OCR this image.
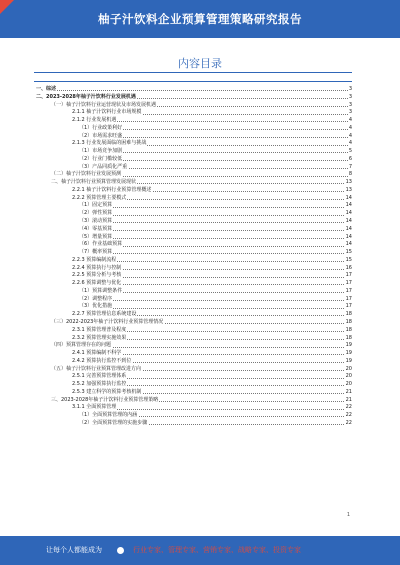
柚子汁饮料企业预算管理策略研究报告
内容目录
一、综述	3
二、2023-2028年柚子汁饮料行业发展机遇	3
（一）柚子汁饮料行业运营现状及市场发展机遇	3
2.1.1 柚子汁饮料行业市场规模	3
2.1.2 行业发展机遇	4
（1）行业政策利好	4
（2）市场需求旺盛	4
2.1.3 行业发展面临的困难与挑战	4
（1）市场竞争加剧	5
（2）行业门槛较低	6
（3）产品同质化严重	7
（二）柚子汁饮料行业发展预测	8
二、柚子汁饮料行业预算管理发展现状	13
2.2.1 柚子汁饮料行业预算管理概述	13
2.2.2 预算管理主要模式	14
（1）固定预算	14
（2）弹性预算	14
（3）滚动预算	14
（4）零基预算	14
（5）增量预算	14
（6）作业基础预算	14
（7）概率预算	15
2.2.3 预算编制流程	15
2.2.4 预算执行与控制	16
2.2.5 预算分析与考核	17
2.2.6 预算调整与优化	17
（1）预算调整条件	17
（2）调整程序	17
（3）优化措施	17
2.2.7 预算管理信息系统建设	18
（三）2022-2023年柚子汁饮料行业预算管理情况	18
2.3.1 预算管理普及程度	18
2.3.2 预算管理实施效果	18
（四）预算管理存在的问题	19
2.4.1 预算编制不科学	19
2.4.2 预算执行监控不到位	19
（五）柚子汁饮料行业预算管理改进方向	20
2.5.1 完善预算管理体系	20
2.5.2 加强预算执行监控	20
2.5.3 建立科学的预算考核机制	21
三、2023-2028年柚子汁饮料行业预算管理策略	21
3.1.1 全面预算管理	22
（1）全面预算管理的内涵	22
（2）全面预算管理的实施步骤	22
1
让每个人都能成为	行业专家、管理专家、营销专家、战略专家、投资专家
